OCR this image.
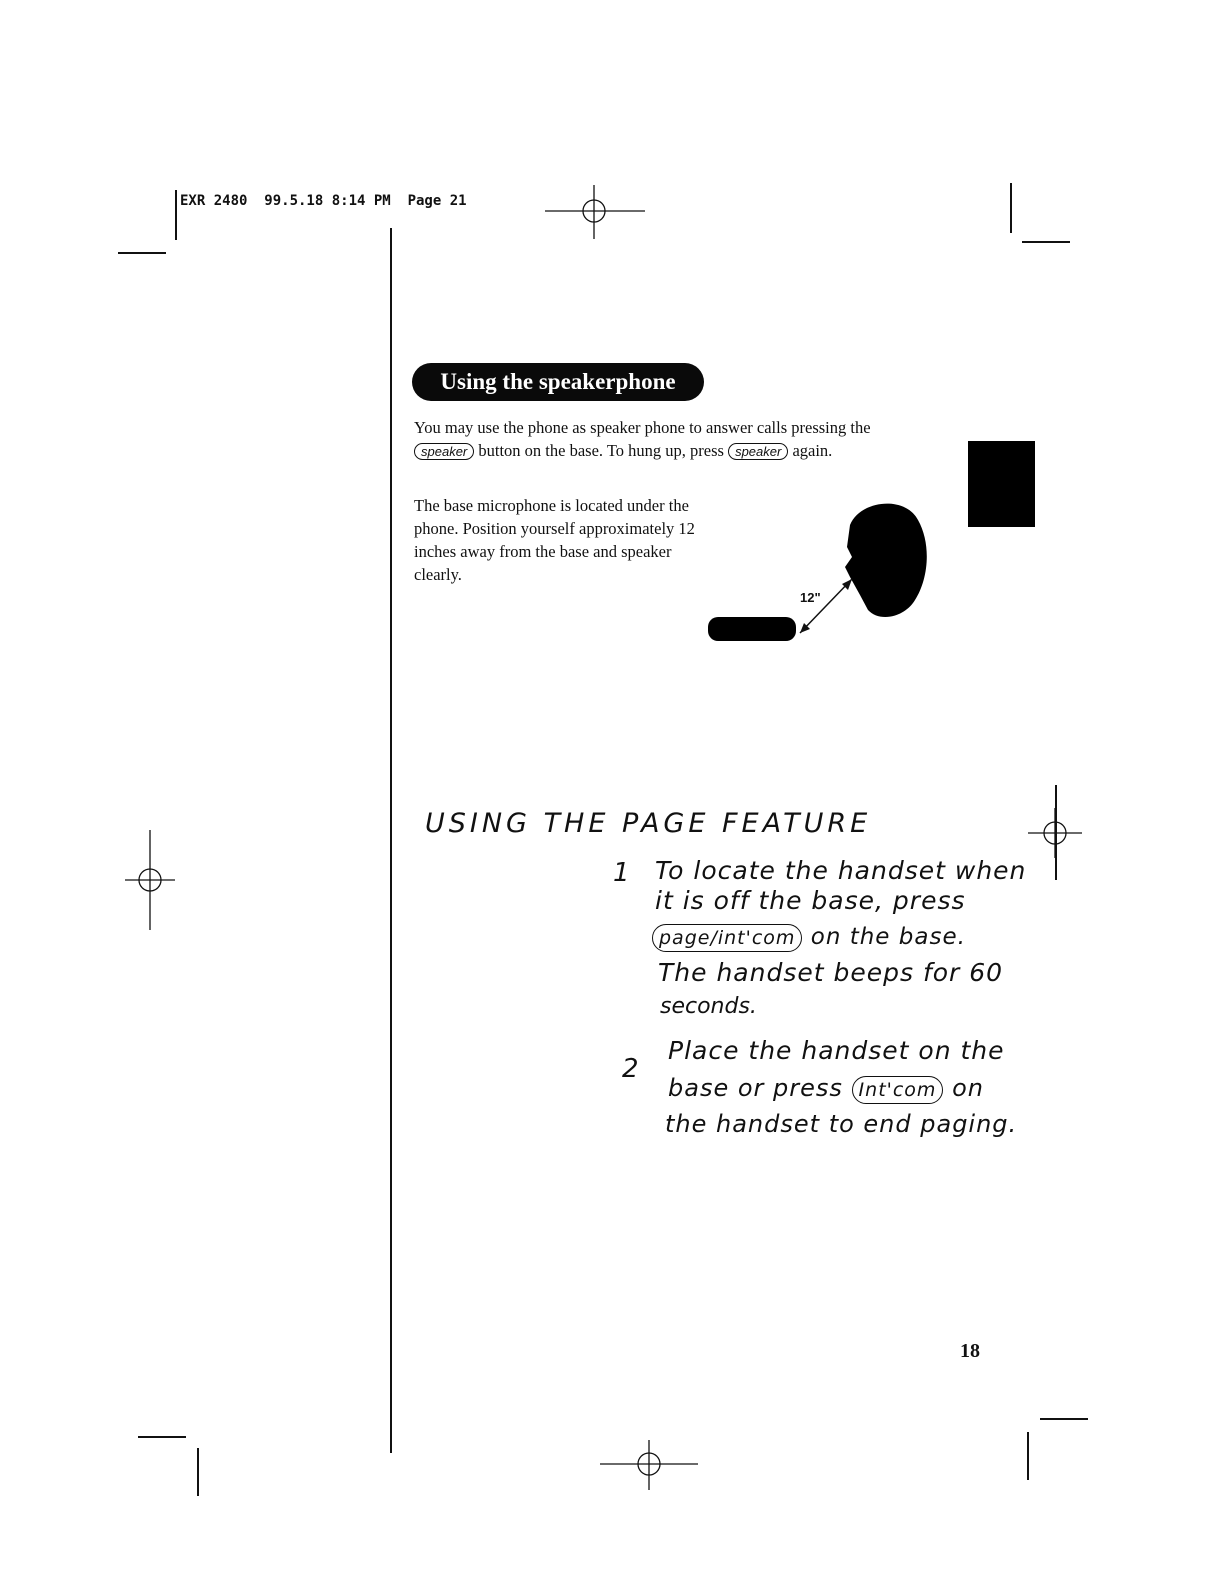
EXR 2480  99.5.18 8:14 PM  Page 21
Using the speakerphone
You may use the phone as speaker phone to answer calls pressing the speaker button on the base. To hung up, press speaker again.
The base microphone is located under the phone. Position yourself approximately 12 inches away from the base and speaker clearly.
12"
USING THE PAGE FEATURE
1 To locate the handset when
it is off the base, press
page/int'com on the base.
The handset beeps for 60
seconds.
2
Place the handset on the
base or press Int'com on
the handset to end paging.
18
